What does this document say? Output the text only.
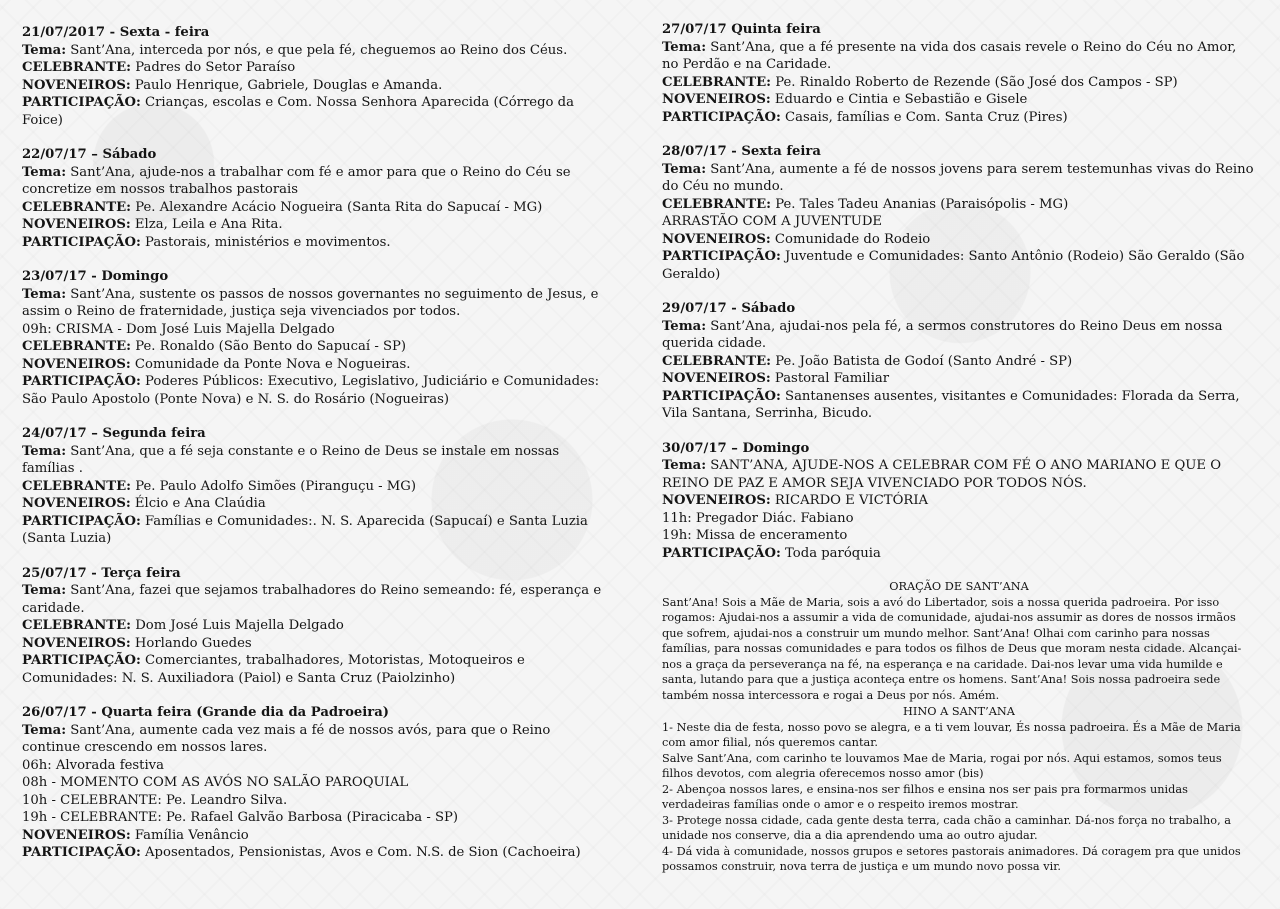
21/07/2017 - Sexta - feira
Tema: Sant’Ana, interceda por nós, e que pela fé, cheguemos ao Reino dos Céus.
CELEBRANTE: Padres do Setor Paraíso
NOVENEIROS: Paulo Henrique, Gabriele, Douglas e Amanda.
PARTICIPAÇÃO: Crianças, escolas e Com. Nossa Senhora Aparecida (Córrego da Foice)
22/07/17 – Sábado
Tema: Sant’Ana, ajude-nos a trabalhar com fé e amor para que o Reino do Céu se concretize em nossos trabalhos pastorais
CELEBRANTE: Pe. Alexandre Acácio Nogueira (Santa Rita do Sapucaí - MG)
NOVENEIROS: Elza, Leila e Ana Rita.
PARTICIPAÇÃO: Pastorais, ministérios e movimentos.
23/07/17 - Domingo
Tema: Sant’Ana, sustente os passos de nossos governantes no seguimento de Jesus, e assim o Reino de fraternidade, justiça seja vivenciados por todos.
09h: CRISMA - Dom José Luis Majella Delgado
CELEBRANTE: Pe. Ronaldo (São Bento do Sapucaí - SP)
NOVENEIROS: Comunidade da Ponte Nova e Nogueiras.
PARTICIPAÇÃO: Poderes Públicos: Executivo, Legislativo, Judiciário e Comunidades: São Paulo Apostolo (Ponte Nova) e N. S. do Rosário (Nogueiras)
24/07/17 – Segunda feira
Tema: Sant’Ana, que a fé seja constante e o Reino de Deus se instale em nossas famílias .
CELEBRANTE: Pe. Paulo Adolfo Simões (Piranguçu - MG)
NOVENEIROS: Élcio e Ana Claúdia
PARTICIPAÇÃO: Famílias e Comunidades:. N. S. Aparecida (Sapucaí) e Santa Luzia (Santa Luzia)
25/07/17 - Terça feira
Tema: Sant’Ana, fazei que sejamos trabalhadores do Reino semeando: fé, esperança e caridade.
CELEBRANTE: Dom José Luis Majella Delgado
NOVENEIROS: Horlando Guedes
PARTICIPAÇÃO: Comerciantes, trabalhadores, Motoristas, Motoqueiros e Comunidades: N. S. Auxiliadora (Paiol) e Santa Cruz (Paiolzinho)
26/07/17 - Quarta feira (Grande dia da Padroeira)
Tema: Sant’Ana, aumente cada vez mais a fé de nossos avós, para que o Reino continue crescendo em nossos lares.
06h: Alvorada festiva
08h - MOMENTO COM AS AVÓS NO SALÃO PAROQUIAL
10h - CELEBRANTE: Pe. Leandro Silva.
19h - CELEBRANTE: Pe. Rafael Galvão Barbosa (Piracicaba - SP)
NOVENEIROS: Família Venâncio
PARTICIPAÇÃO: Aposentados, Pensionistas, Avos e Com. N.S. de Sion (Cachoeira)
27/07/17 Quinta feira
Tema: Sant’Ana, que a fé presente na vida dos casais revele o Reino do Céu no Amor, no Perdão e na Caridade.
CELEBRANTE: Pe. Rinaldo Roberto de Rezende (São José dos Campos - SP)
NOVENEIROS: Eduardo e Cintia e Sebastião e Gisele
PARTICIPAÇÃO: Casais, famílias e Com. Santa Cruz (Pires)
28/07/17 - Sexta feira
Tema: Sant’Ana, aumente a fé de nossos jovens para serem testemunhas vivas do Reino do Céu no mundo.
CELEBRANTE: Pe. Tales Tadeu Ananias (Paraisópolis - MG)
ARRASTÃO COM A JUVENTUDE
NOVENEIROS: Comunidade do Rodeio
PARTICIPAÇÃO: Juventude e Comunidades: Santo Antônio (Rodeio) São Geraldo (São Geraldo)
29/07/17 - Sábado
Tema: Sant’Ana, ajudai-nos pela fé, a sermos construtores do Reino Deus em nossa querida cidade.
CELEBRANTE: Pe. João Batista de Godoí (Santo André - SP)
NOVENEIROS: Pastoral Familiar
PARTICIPAÇÃO: Santanenses ausentes, visitantes e Comunidades: Florada da Serra, Vila Santana, Serrinha, Bicudo.
30/07/17 – Domingo
Tema: SANT’ANA, AJUDE-NOS A CELEBRAR COM FÉ O ANO MARIANO E QUE O REINO DE PAZ E AMOR SEJA VIVENCIADO POR TODOS NÓS.
NOVENEIROS: RICARDO E VICTÓRIA
11h: Pregador Diác. Fabiano
19h: Missa de enceramento
PARTICIPAÇÃO: Toda paróquia
ORAÇÃO DE SANT’ANA

Sant’Ana! Sois a Mãe de Maria, sois a avó do Libertador, sois a nossa querida padroeira. Por isso rogamos: Ajudai-nos a assumir a vida de comunidade, ajudai-nos assumir as dores de nossos irmãos que sofrem, ajudai-nos a construir um mundo melhor. Sant’Ana! Olhai com carinho para nossas famílias, para nossas comunidades e para todos os filhos de Deus que moram nesta cidade. Alcançai-nos a graça da perseverança na fé, na esperança e na caridade. Dai-nos levar uma vida humilde e santa, lutando para que a justiça aconteça entre os homens. Sant’Ana! Sois nossa padroeira sede também nossa intercessora e rogai a Deus por nós. Amém.

HINO A SANT’ANA

1- Neste dia de festa, nosso povo se alegra, e a ti vem louvar, És nossa padroeira. És a Mãe de Maria com amor filial, nós queremos cantar.

Salve Sant’Ana, com carinho te louvamos Mae de Maria, rogai por nós. Aqui estamos, somos teus filhos devotos, com alegria oferecemos nosso amor (bis)

2- Abençoa nossos lares, e ensina-nos ser filhos e ensina nos ser pais pra formarmos unidas verdadeiras famílias onde o amor e o respeito iremos mostrar.

3- Protege nossa cidade, cada gente desta terra, cada chão a caminhar. Dá-nos força no trabalho, a unidade nos conserve, dia a dia aprendendo uma ao outro ajudar.

4- Dá vida à comunidade, nossos grupos e setores pastorais animadores. Dá coragem pra que unidos possamos construir, nova terra de justiça e um mundo novo possa vir.
